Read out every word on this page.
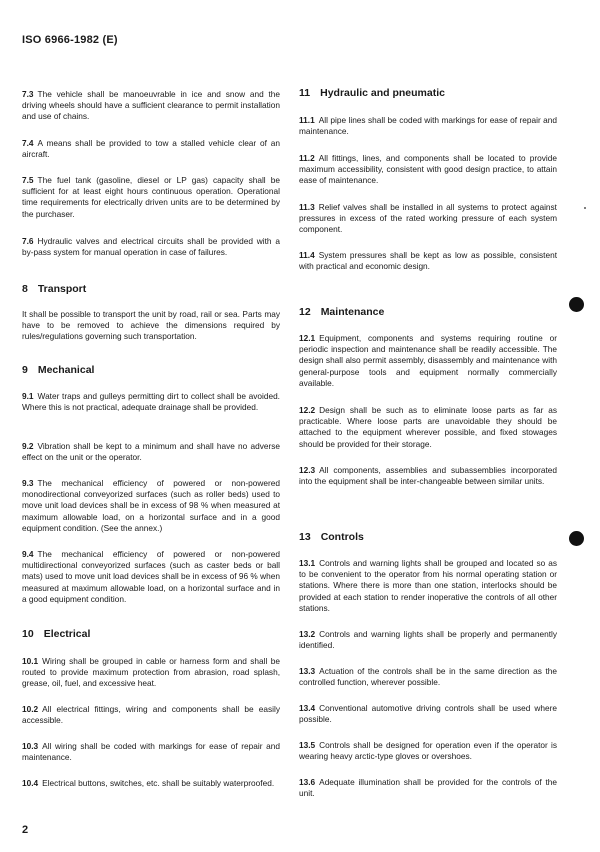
ISO 6966-1982 (E)

7.3 The vehicle shall be manoeuvrable in ice and snow and the driving wheels should have a sufficient clearance to permit installation and use of chains.

7.4 A means shall be provided to tow a stalled vehicle clear of an aircraft.

7.5 The fuel tank (gasoline, diesel or LP gas) capacity shall be sufficient for at least eight hours continuous operation. Operational time requirements for electrically driven units are to be determined by the purchaser.

7.6 Hydraulic valves and electrical circuits shall be provided with a by-pass system for manual operation in case of failures.

8 Transport

It shall be possible to transport the unit by road, rail or sea. Parts may have to be removed to achieve the dimensions required by rules/regulations governing such transportation.

9 Mechanical

9.1 Water traps and gulleys permitting dirt to collect shall be avoided. Where this is not practical, adequate drainage shall be provided.

9.2 Vibration shall be kept to a minimum and shall have no adverse effect on the unit or the operator.

9.3 The mechanical efficiency of powered or non-powered monodirectional conveyorized surfaces (such as roller beds) used to move unit load devices shall be in excess of 98 % when measured at maximum allowable load, on a horizontal surface and in a good equipment condition. (See the annex.)

9.4 The mechanical efficiency of powered or non-powered multidirectional conveyorized surfaces (such as caster beds or ball mats) used to move unit load devices shall be in excess of 96 % when measured at maximum allowable load, on a horizontal surface and in a good equipment condition.

10 Electrical

10.1 Wiring shall be grouped in cable or harness form and shall be routed to provide maximum protection from abrasion, road splash, grease, oil, fuel, and excessive heat.

10.2 All electrical fittings, wiring and components shall be easily accessible.

10.3 All wiring shall be coded with markings for ease of repair and maintenance.

10.4 Electrical buttons, switches, etc. shall be suitably waterproofed.

11 Hydraulic and pneumatic

11.1 All pipe lines shall be coded with markings for ease of repair and maintenance.

11.2 All fittings, lines, and components shall be located to provide maximum accessibility, consistent with good design practice, to attain ease of maintenance.

11.3 Relief valves shall be installed in all systems to protect against pressures in excess of the rated working pressure of each system component.

11.4 System pressures shall be kept as low as possible, consistent with practical and economic design.

12 Maintenance

12.1 Equipment, components and systems requiring routine or periodic inspection and maintenance shall be readily accessible. The design shall also permit assembly, disassembly and maintenance with general-purpose tools and equipment normally commercially available.

12.2 Design shall be such as to eliminate loose parts as far as practicable. Where loose parts are unavoidable they should be attached to the equipment wherever possible, and fixed stowages should be provided for their storage.

12.3 All components, assemblies and subassemblies incorporated into the equipment shall be inter-changeable between similar units.

13 Controls

13.1 Controls and warning lights shall be grouped and located so as to be convenient to the operator from his normal operating station or stations. Where there is more than one station, interlocks should be provided at each station to render inoperative the controls of all other stations.

13.2 Controls and warning lights shall be properly and permanently identified.

13.3 Actuation of the controls shall be in the same direction as the controlled function, wherever possible.

13.4 Conventional automotive driving controls shall be used where possible.

13.5 Controls shall be designed for operation even if the operator is wearing heavy arctic-type gloves or overshoes.

13.6 Adequate illumination shall be provided for the controls of the unit.

2
